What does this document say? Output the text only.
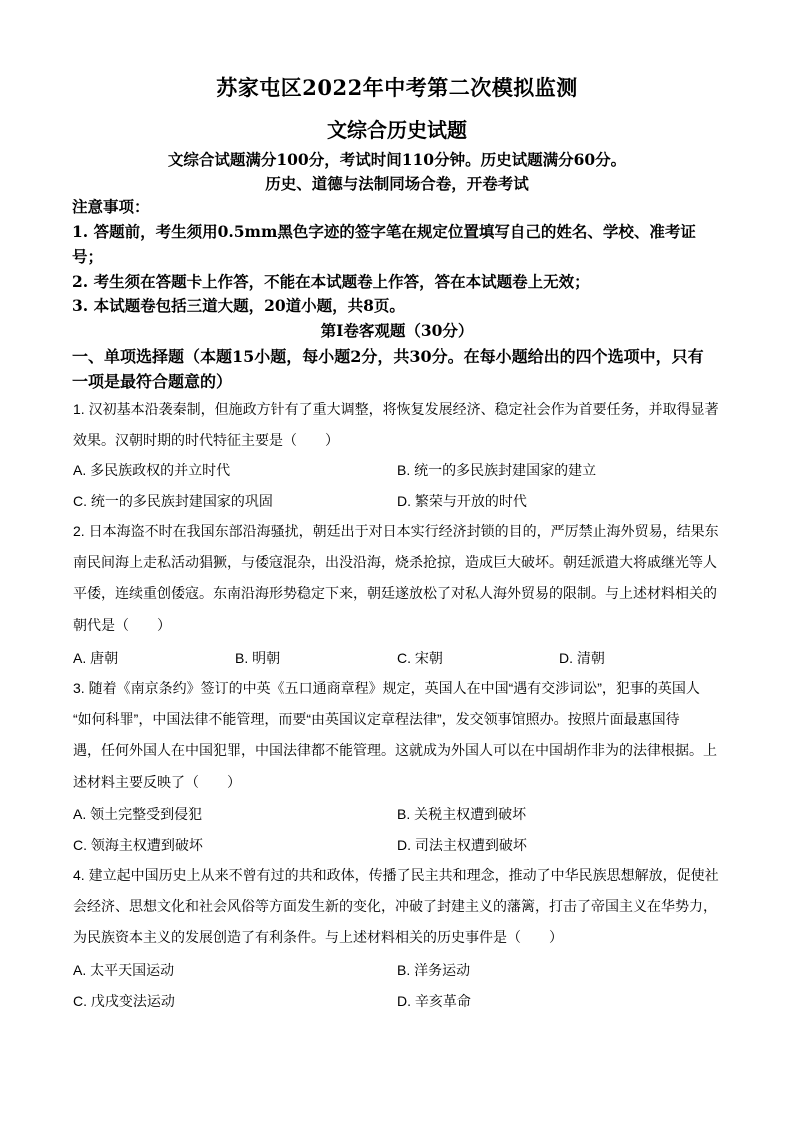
苏家屯区2022年中考第二次模拟监测
文综合历史试题
文综合试题满分100分，考试时间110分钟。历史试题满分60分。
历史、道德与法制同场合卷，开卷考试
注意事项：
1. 答题前，考生须用0.5mm黑色字迹的签字笔在规定位置填写自己的姓名、学校、准考证
号；
2. 考生须在答题卡上作答，不能在本试题卷上作答，答在本试题卷上无效；
3. 本试题卷包括三道大题，20道小题，共8页。
第Ⅰ卷客观题（30分）
一、单项选择题（本题15小题，每小题2分，共30分。在每小题给出的四个选项中，只有
一项是最符合题意的）
1. 汉初基本沿袭秦制，但施政方针有了重大调整，将恢复发展经济、稳定社会作为首要任务，并取得显著
效果。汉朝时期的时代特征主要是（　　）
A. 多民族政权的并立时代	B. 统一的多民族封建国家的建立
C. 统一的多民族封建国家的巩固	D. 繁荣与开放的时代
2. 日本海盗不时在我国东部沿海骚扰，朝廷出于对日本实行经济封锁的目的，严厉禁止海外贸易，结果东
南民间海上走私活动猖獗，与倭寇混杂，出没沿海，烧杀抢掠，造成巨大破坏。朝廷派遣大将戚继光等人
平倭，连续重创倭寇。东南沿海形势稳定下来，朝廷遂放松了对私人海外贸易的限制。与上述材料相关的
朝代是（　　）
A. 唐朝	B. 明朝	C. 宋朝	D. 清朝
3. 随着《南京条约》签订的中英《五口通商章程》规定，英国人在中国“遇有交涉词讼”，犯事的英国人
“如何科罪”，中国法律不能管理，而要“由英国议定章程法律”，发交领事馆照办。按照片面最惠国待
遇，任何外国人在中国犯罪，中国法律都不能管理。这就成为外国人可以在中国胡作非为的法律根据。上
述材料主要反映了（　　）
A. 领土完整受到侵犯	B. 关税主权遭到破坏
C. 领海主权遭到破坏	D. 司法主权遭到破坏
4. 建立起中国历史上从来不曾有过的共和政体，传播了民主共和理念，推动了中华民族思想解放，促使社
会经济、思想文化和社会风俗等方面发生新的变化，冲破了封建主义的藩篱，打击了帝国主义在华势力，
为民族资本主义的发展创造了有利条件。与上述材料相关的历史事件是（　　）
A. 太平天国运动	B. 洋务运动
C. 戊戌变法运动	D. 辛亥革命
